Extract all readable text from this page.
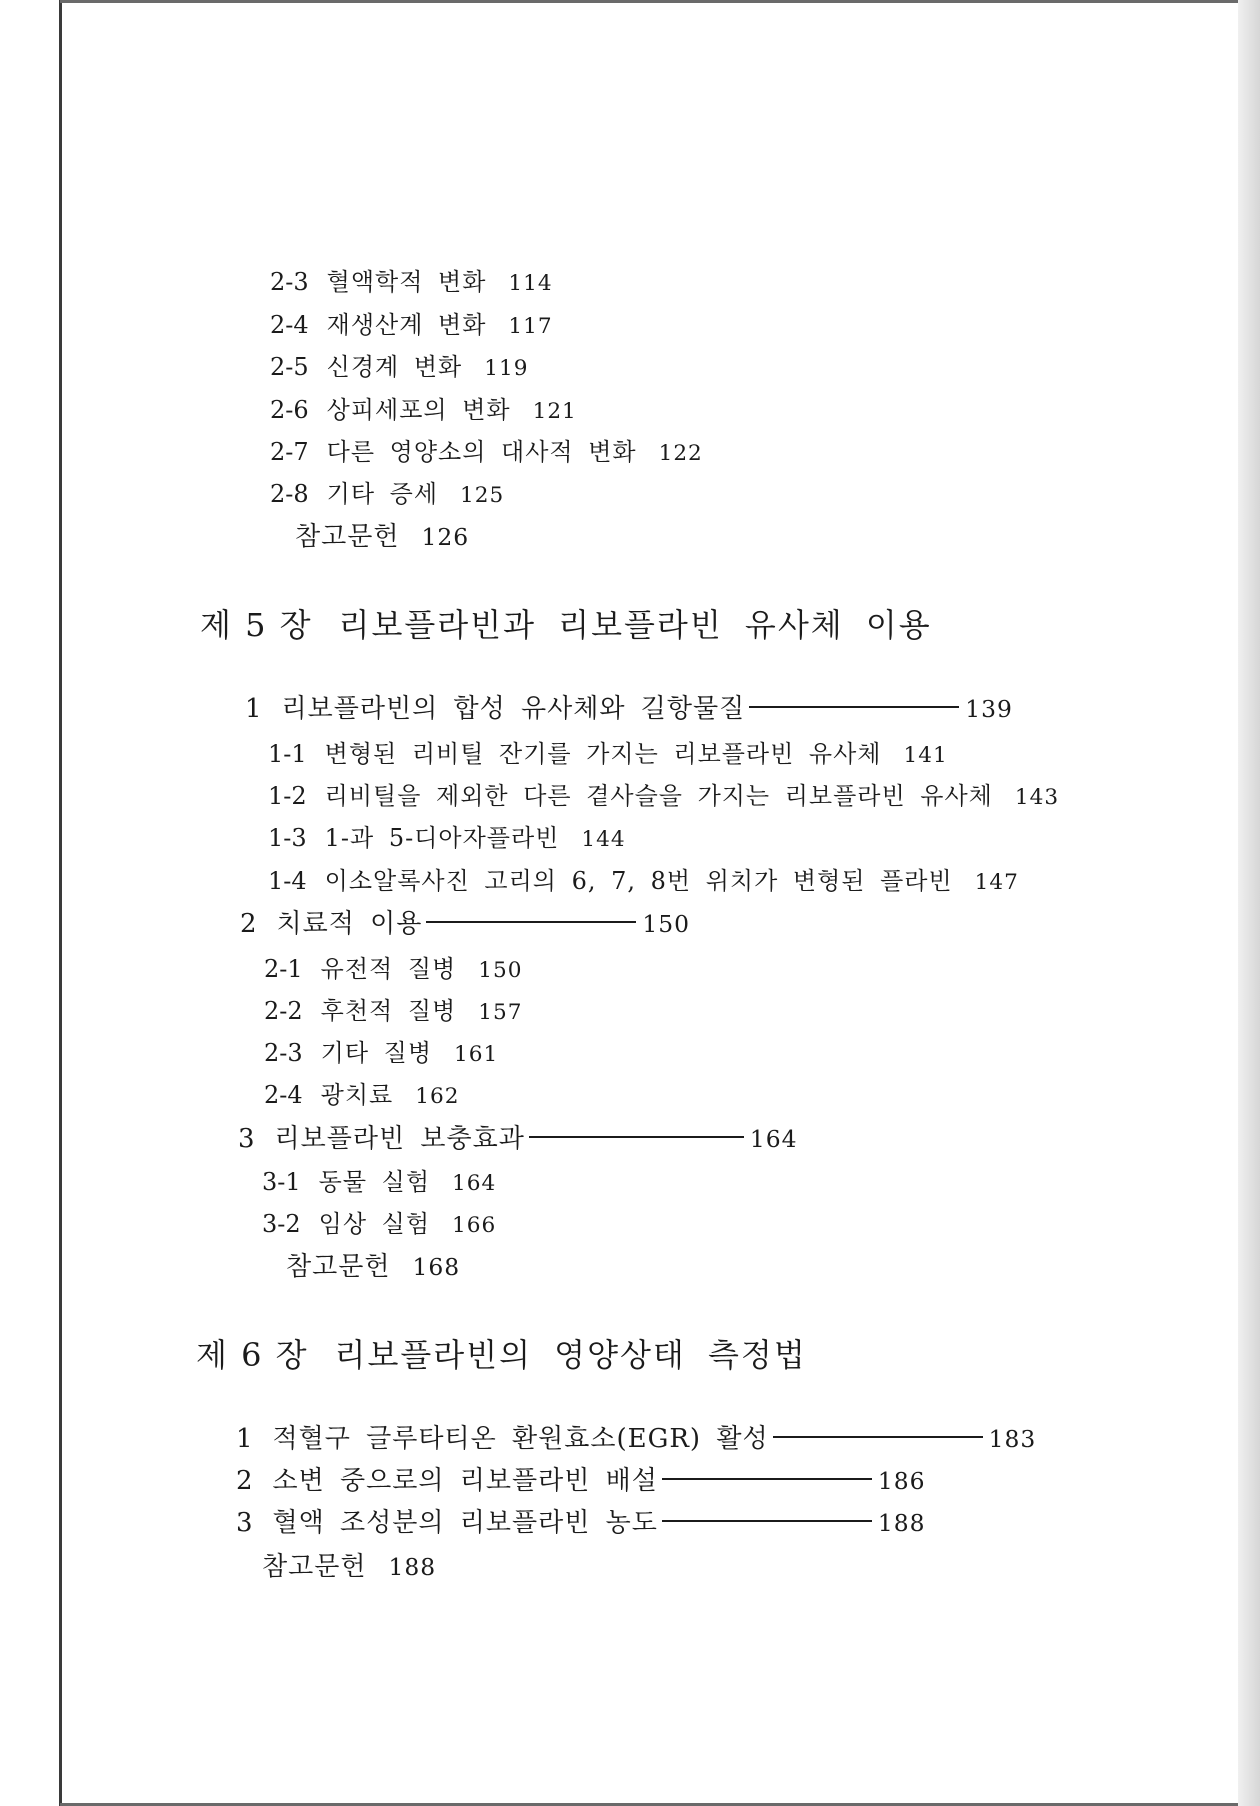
2-3 혈액학적 변화 114
2-4 재생산계 변화 117
2-5 신경계 변화 119
2-6 상피세포의 변화 121
2-7 다른 영양소의 대사적 변화 122
2-8 기타 증세 125
참고문헌 126
제 5 장 리보플라빈과 리보플라빈 유사체 이용
1 리보플라빈의 합성 유사체와 길항물질	139
1-1 변형된 리비틸 잔기를 가지는 리보플라빈 유사체 141
1-2 리비틸을 제외한 다른 곁사슬을 가지는 리보플라빈 유사체 143
1-3 1-과 5-디아자플라빈 144
1-4 이소알록사진 고리의 6, 7, 8번 위치가 변형된 플라빈 147
2 치료적 이용	150
2-1 유전적 질병 150
2-2 후천적 질병 157
2-3 기타 질병 161
2-4 광치료 162
3 리보플라빈 보충효과	164
3-1 동물 실험 164
3-2 임상 실험 166
참고문헌 168
제 6 장 리보플라빈의 영양상태 측정법
1 적혈구 글루타티온 환원효소(EGR) 활성	183
2 소변 중으로의 리보플라빈 배설	186
3 혈액 조성분의 리보플라빈 농도	188
참고문헌 188
